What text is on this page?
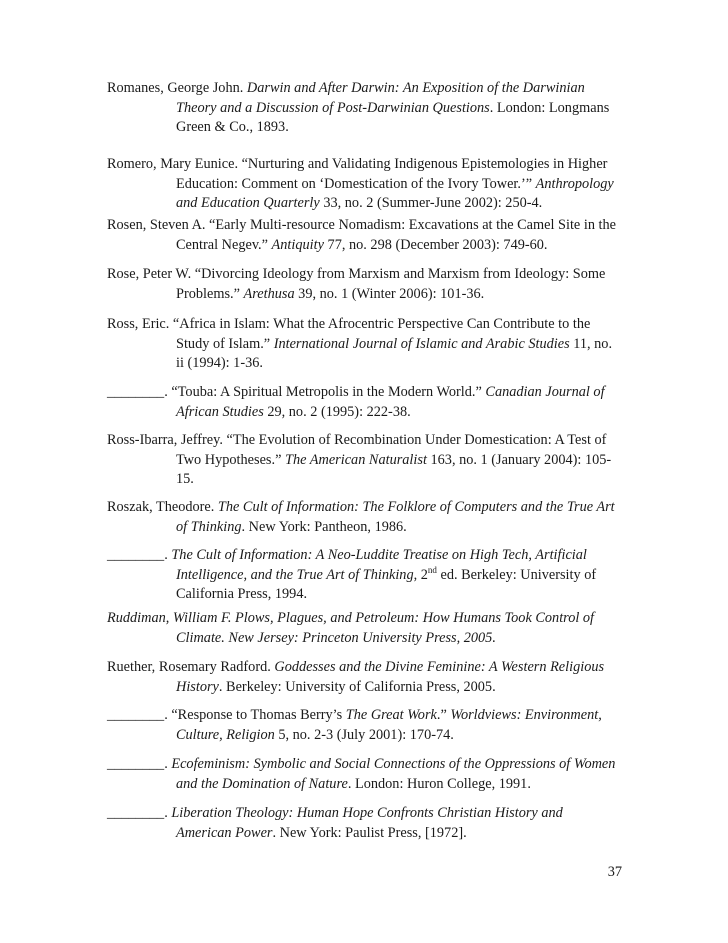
Romanes, George John. Darwin and After Darwin: An Exposition of the Darwinian
Theory and a Discussion of Post-Darwinian Questions. London: Longmans
Green & Co., 1893.
Romero, Mary Eunice. “Nurturing and Validating Indigenous Epistemologies in Higher
Education: Comment on ‘Domestication of the Ivory Tower.’” Anthropology
and Education Quarterly 33, no. 2 (Summer-June 2002): 250-4.
Rosen, Steven A. “Early Multi-resource Nomadism: Excavations at the Camel Site in the
Central Negev.” Antiquity 77, no. 298 (December 2003): 749-60.
Rose, Peter W. “Divorcing Ideology from Marxism and Marxism from Ideology: Some
Problems.” Arethusa 39, no. 1 (Winter 2006): 101-36.
Ross, Eric. “Africa in Islam: What the Afrocentric Perspective Can Contribute to the
Study of Islam.” International Journal of Islamic and Arabic Studies 11, no.
ii (1994): 1-36.
________. “Touba: A Spiritual Metropolis in the Modern World.” Canadian Journal of
African Studies 29, no. 2 (1995): 222-38.
Ross-Ibarra, Jeffrey. “The Evolution of Recombination Under Domestication: A Test of
Two Hypotheses.” The American Naturalist 163, no. 1 (January 2004): 105-
15.
Roszak, Theodore. The Cult of Information: The Folklore of Computers and the True Art
of Thinking. New York: Pantheon, 1986.
________. The Cult of Information: A Neo-Luddite Treatise on High Tech, Artificial
Intelligence, and the True Art of Thinking, 2nd ed. Berkeley: University of
California Press, 1994.
Ruddiman, William F. Plows, Plagues, and Petroleum: How Humans Took Control of
Climate. New Jersey: Princeton University Press, 2005.
Ruether, Rosemary Radford. Goddesses and the Divine Feminine: A Western Religious
History. Berkeley: University of California Press, 2005.
________. “Response to Thomas Berry’s The Great Work.” Worldviews: Environment,
Culture, Religion 5, no. 2-3 (July 2001): 170-74.
________. Ecofeminism: Symbolic and Social Connections of the Oppressions of Women
and the Domination of Nature. London: Huron College, 1991.
________. Liberation Theology: Human Hope Confronts Christian History and
American Power. New York: Paulist Press, [1972].
37
